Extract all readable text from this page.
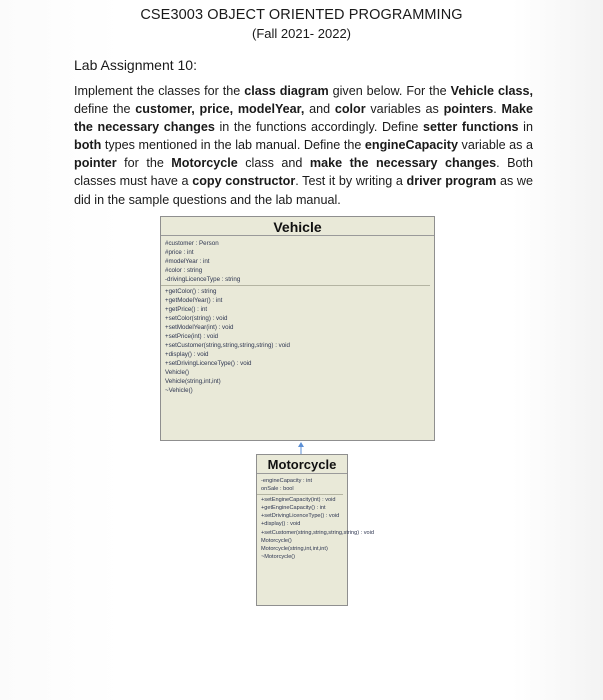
CSE3003 OBJECT ORIENTED PROGRAMMING
(Fall 2021- 2022)
Lab Assignment 10:
Implement the classes for the class diagram given below. For the Vehicle class, define the customer, price, modelYear, and color variables as pointers. Make the necessary changes in the functions accordingly. Define setter functions in both types mentioned in the lab manual. Define the engineCapacity variable as a pointer for the Motorcycle class and make the necessary changes. Both classes must have a copy constructor. Test it by writing a driver program as we did in the sample questions and the lab manual.
Vehicle
#customer : Person
#price : int
#modelYear : int
#color : string
-drivingLicenceType : string
+getColor() : string
+getModelYear() : int
+getPrice() : int
+setColor(string) : void
+setModelYear(int) : void
+setPrice(int) : void
+setCustomer(string,string,string,string) : void
+display() : void
+setDrivingLicenceType() : void
Vehicle()
Vehicle(string,int,int)
~Vehicle()
Motorcycle
-engineCapacity : int
onSale : bool
+setEngineCapacity(int) : void
+getEngineCapacity() : int
+setDrivingLicenceType() : void
+display() : void
+setCustomer(string,string,string,string) : void
Motorcycle()
Motorcycle(string,int,int,int)
~Motorcycle()
